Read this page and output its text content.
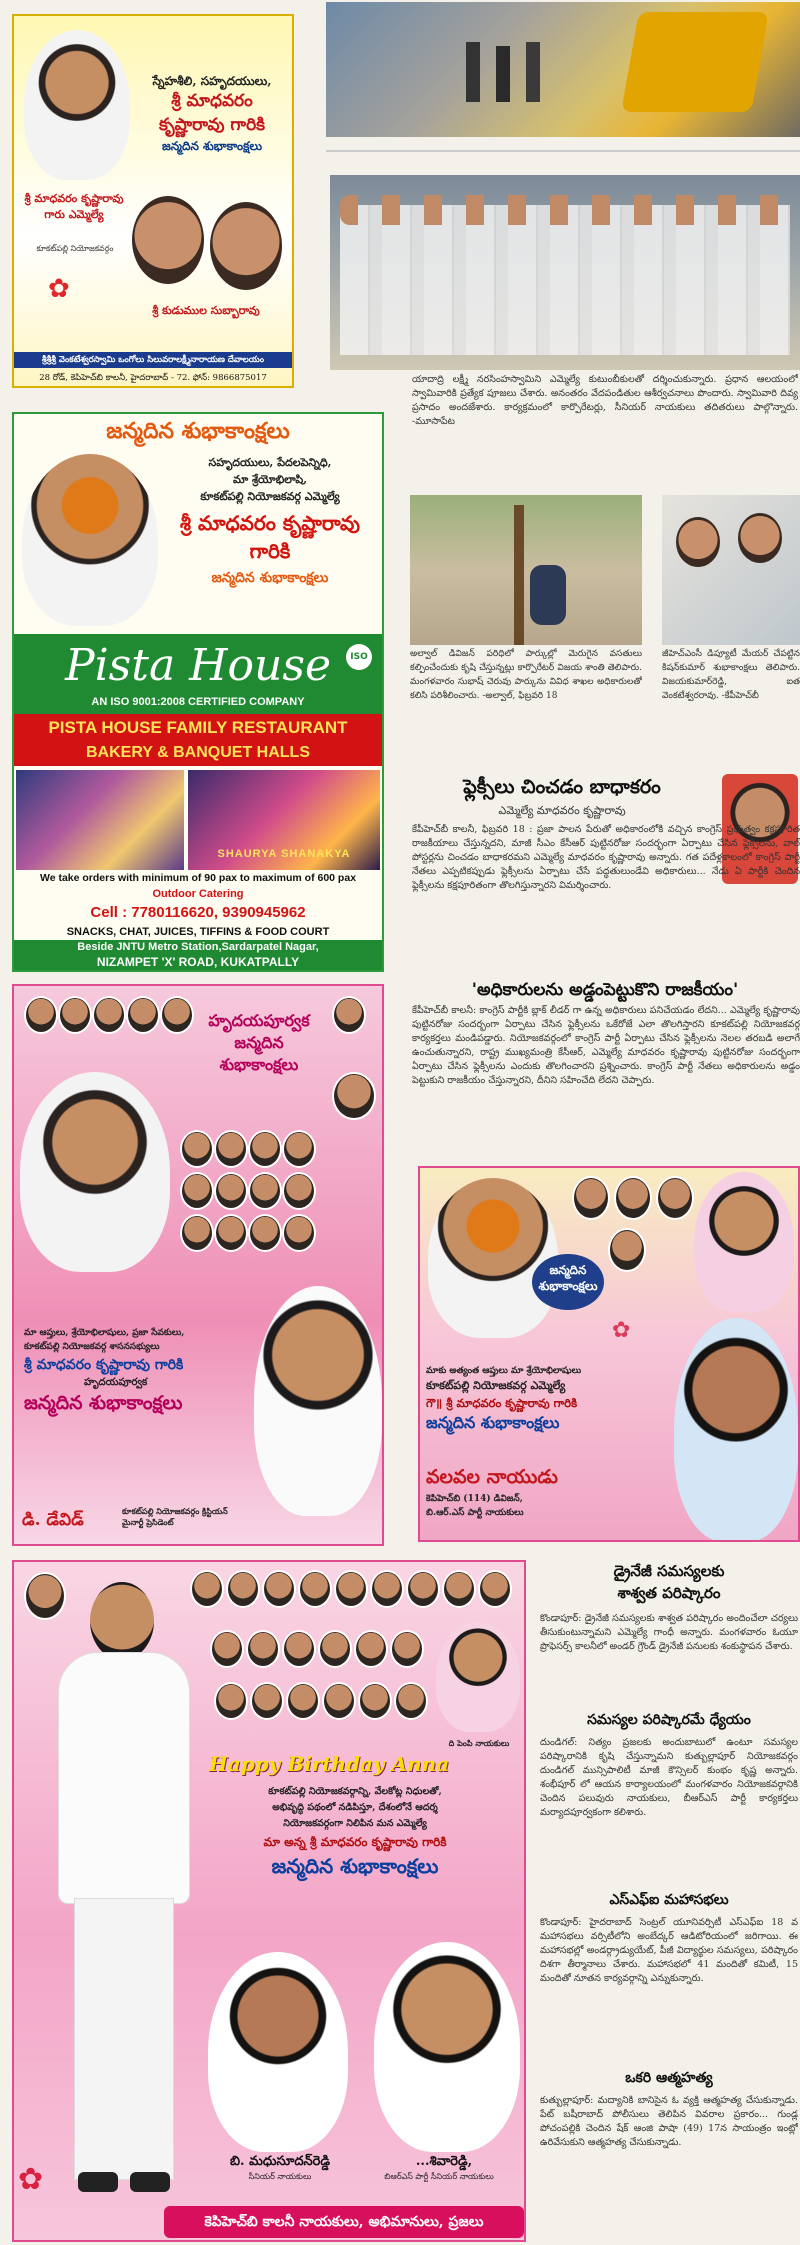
స్నేహశీలి, సహృదయులు,
శ్రీ మాధవరం
కృష్ణారావు గారికి
జన్మదిన శుభాకాంక్షలు
శ్రీ మాధవరం కృష్ణారావు గారు ఎమ్మెల్యే
కూకట్‌పల్లి నియోజకవర్గం
✿
శ్రీ కుడుముల సుబ్బారావు
శ్రీశ్రీశ్రీ వెంకటేశ్వరస్వామి ఒంగోలు సిలువరాలక్ష్మీనారాయణ దేవాలయం
28 రోడ్, కెపిహెచ్‌బి కాలనీ, హైదరాబాద్ - 72. ఫోన్: 9866875017	యాదాద్రి లక్ష్మీ నరసింహస్వామిని ఎమ్మెల్యే కుటుంబీకులతో దర్శించుకున్నారు. ప్రధాన ఆలయంలో స్వామివారికి ప్రత్యేక పూజలు చేశారు. అనంతరం వేదపండితుల ఆశీర్వచనాలు పొందారు. స్వామివారి దివ్య ప్రసాదం అందజేశారు. కార్యక్రమంలో కార్పొరేటర్లు, సీనియర్ నాయకులు తదితరులు పాల్గొన్నారు. -మూసాపేట
అల్వాల్‌ డివిజన్ పరిధిలో పార్కుల్లో మెరుగైన వసతులు కల్పించేందుకు కృషి చేస్తున్నట్లు కార్పొరేటర్ విజయ శాంతి తెలిపారు. మంగళవారం సుభాష్ చెరువు పార్కును వివిధ శాఖల అధికారులతో కలిసి పరిశీలించారు. -అల్వాల్, ఫిబ్రవరి 18
జీహెచ్‌ఎంసీ డిప్యూటీ మేయర్ చేపట్టిన కిషన్‌కుమార్ శుభాకాంక్షలు తెలిపారు. విజయకుమార్‌రెడ్డి, ఐత వెంకటేశ్వరరావు. -కేపీహెచ్‌బీ
ఫ్లెక్సీలు చించడం బాధాకరం
ఎమ్మెల్యే మాధవరం కృష్ణారావు
కేపీహెచ్‌బీ కాలనీ, ఫిబ్రవరి 18 : ప్రజా పాలన పేరుతో అధికారంలోకి వచ్చిన కాంగ్రెస్ ప్రభుత్వం కక్షపూరిత రాజకీయాలు చేస్తున్నదని, మాజీ సీఎం కేసీఆర్ పుట్టినరోజు సందర్భంగా ఏర్పాటు చేసిన ఫ్లెక్సీలను, వాల్ పోస్టర్లను చించడం బాధాకరమని ఎమ్మెల్యే మాధవరం కృష్ణారావు అన్నారు. గత పదేళ్లకాలంలో కాంగ్రెస్ పార్టీ నేతలు ఎప్పటికప్పుడు ఫ్లెక్సీలను ఏర్పాటు చేసే పద్ధతులుండేవి అధికారులు... నేడు ఏ పార్టీకి చెందిన ఫ్లెక్సీలను కక్షపూరితంగా తొలగిస్తున్నారని విమర్శించారు.
'అధికారులను అడ్డంపెట్టుకొని రాజకీయం'
కేపీహెచ్‌బీ కాలనీ: కాంగ్రెస్ పార్టీకి బ్లాక్ లీడర్ గా ఉన్న అధికారులు పనిచేయడం లేదని... ఎమ్మెల్యే కృష్ణారావు పుట్టినరోజు సందర్భంగా ఏర్పాటు చేసిన ఫ్లెక్సీలను ఒకేరోజే ఎలా తొలగిస్తారని కూకట్‌పల్లి నియోజకవర్గ కార్యకర్తలు మండిపడ్డారు. నియోజకవర్గంలో కాంగ్రెస్ పార్టీ ఏర్పాటు చేసిన ఫ్లెక్సీలను నెలల తరబడి అలాగే ఉంచుతున్నారని, రాష్ట్ర ముఖ్యమంత్రి కేసీఆర్, ఎమ్మెల్యే మాధవరం కృష్ణారావు పుట్టినరోజు సందర్భంగా ఏర్పాటు చేసిన ఫ్లెక్సీలను ఎందుకు తొలగించారని ప్రశ్నించారు. కాంగ్రెస్ పార్టీ నేతలు అధికారులను అడ్డం పెట్టుకుని రాజకీయం చేస్తున్నారని, దీనిని సహించేది లేదని చెప్పారు.
జన్మదిన శుభాకాంక్షలు
సహృదయులు, పేదలపెన్నిధి,
మా శ్రేయోభిలాషి,
కూకట్‌పల్లి నియోజకవర్గ ఎమ్మెల్యే
శ్రీ మాధవరం కృష్ణారావు గారికి
జన్మదిన శుభాకాంక్షలు
Pista House	ISO
AN ISO 9001:2008 CERTIFIED COMPANY
PISTA HOUSE FAMILY RESTAURANT
BAKERY & BANQUET HALLS
SHAURYA SHANAKYA
We take orders with minimum of 90 pax to maximum of 600 pax
Outdoor Catering
Cell : 7780116620, 9390945962
SNACKS, CHAT, JUICES, TIFFINS & FOOD COURT
Beside JNTU Metro Station,Sardarpatel Nagar,
NIZAMPET 'X' ROAD, KUKATPALLY
హృదయపూర్వక జన్మదిన శుభాకాంక్షలు
మా ఆప్తులు, శ్రేయోభిలాషులు, ప్రజా సేవకులు,
కూకట్‌పల్లి నియోజకవర్గ శాసనసభ్యులు
శ్రీ మాధవరం కృష్ణారావు గారికి
హృదయపూర్వక
జన్మదిన శుభాకాంక్షలు
డి. డేవిడ్	కూకట్‌పల్లి నియోజకవర్గం క్రిస్టియన్ మైనార్టీ ప్రెసిడెంట్
జన్మదిన శుభాకాంక్షలు
✿
మాకు అత్యంత ఆప్తులు మా శ్రేయోభిలాషులు
కూకట్‌పల్లి నియోజకవర్గ ఎమ్మెల్యే
గౌ॥ శ్రీ మాధవరం కృష్ణారావు గారికి
జన్మదిన శుభాకాంక్షలు
వలవల నాయుడు
కెపిహెచ్‌బి (114) డివిజన్,
బి.ఆర్.ఎస్ పార్టీ నాయకులు
ది పెంపి నాయకులు
Happy Birthday Anna
కూకట్‌పల్లి నియోజకవర్గాన్ని, వేలకోట్ల నిధులతో,
అభివృద్ధి పథంలో నడిపిస్తూ, దేశంలోనే ఆదర్శ
నియోజకవర్గంగా నిలిపిన మన ఎమ్మెల్యే
మా అన్న శ్రీ మాధవరం కృష్ణారావు గారికి
జన్మదిన శుభాకాంక్షలు
బి. మధుసూదన్‌రెడ్డి
సీనియర్ నాయకులు
...శివారెడ్డి,
బిఆర్ఎస్ పార్టీ సీనియర్ నాయకులు
✿
కెపిహెచ్‌బి కాలనీ నాయకులు, అభిమానులు, ప్రజలు
డ్రైనేజీ సమస్యలకు
శాశ్వత పరిష్కారం
కొండాపూర్: డ్రైనేజీ సమస్యలకు శాశ్వత పరిష్కారం అందించేలా చర్యలు తీసుకుంటున్నామని ఎమ్మెల్యే గాంధీ అన్నారు. మంగళవారం ఓయూ ప్రొఫెసర్స్ కాలనీలో అండర్ గ్రౌండ్ డ్రైనేజీ పనులకు శంకుస్థాపన చేశారు.
సమస్యల పరిష్కారమే ధ్యేయం
దుండిగల్: నిత్యం ప్రజలకు అందుబాటులో ఉంటూ సమస్యల పరిష్కారానికి కృషి చేస్తున్నామని కుత్బుల్లాపూర్ నియోజకవర్గం దుండిగల్ మున్సిపాలిటీ మాజీ కౌన్సిలర్ కుంభం కృష్ణ అన్నారు. శంభీపూర్ లో ఆయన కార్యాలయంలో మంగళవారం నియోజకవర్గానికి చెందిన పలువురు నాయకులు, బీఆర్‌ఎస్ పార్టీ కార్యకర్తలు మర్యాదపూర్వకంగా కలిశారు.
ఎస్ఎఫ్ఐ మహాసభలు
కొండాపూర్: హైదరాబాద్ సెంట్రల్ యూనివర్సిటీ ఎస్ఎఫ్ఐ 18 వ మహాసభలు వర్సిటీలోని అంబేద్కర్ ఆడిటోరియంలో జరిగాయి. ఈ మహాసభల్లో అండర్గ్రాడ్యుయేట్, పీజీ విద్యార్థుల సమస్యలు, పరిష్కారం దిశగా తీర్మానాలు చేశారు. మహాసభలో 41 మందితో కమిటీ, 15 మందితో నూతన కార్యవర్గాన్ని ఎన్నుకున్నారు.
ఒకరి ఆత్మహత్య
కుత్బుల్లాపూర్: మద్యానికి బానిసైన ఓ వ్యక్తి ఆత్మహత్య చేసుకున్నాడు. పేట్ బషీరాబాద్ పోలీసులు తెలిపిన వివరాల ప్రకారం... గుండ్ల పోచంపల్లికి చెందిన షేక్ ఆంజి పాషా (49) 17న సాయంత్రం ఇంట్లో ఉరివేసుకుని ఆత్మహత్య చేసుకున్నాడు.
